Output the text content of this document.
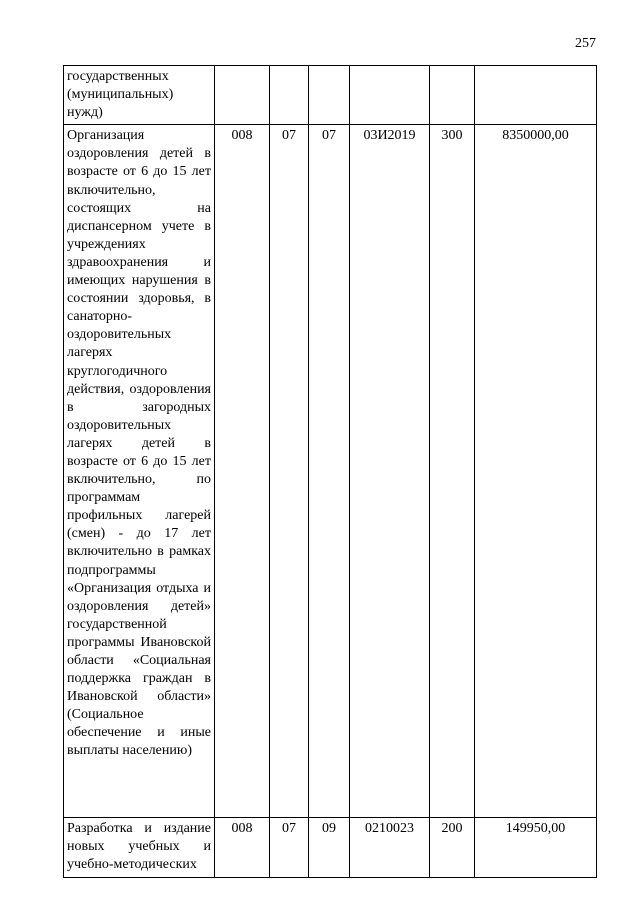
257
государственных (муниципальных) нужд)						
Организация оздоровления детей в возрасте от 6 до 15 лет включительно, состоящих на диспансерном учете в учреждениях здравоохранения и имеющих нарушения в состоянии здоровья, в санаторно-оздоровительных лагерях круглогодичного действия, оздоровления в загородных оздоровительных лагерях детей в возрасте от 6 до 15 лет включительно, по программам профильных лагерей (смен) - до 17 лет включительно в рамках подпрограммы «Организация отдыха и оздоровления детей» государственной программы Ивановской области «Социальная поддержка граждан в Ивановской области» (Социальное обеспечение и иные выплаты населению)	008	07	07	03И2019	300	8350000,00
Разработка и издание новых учебных и учебно-методических	008	07	09	0210023	200	149950,00
